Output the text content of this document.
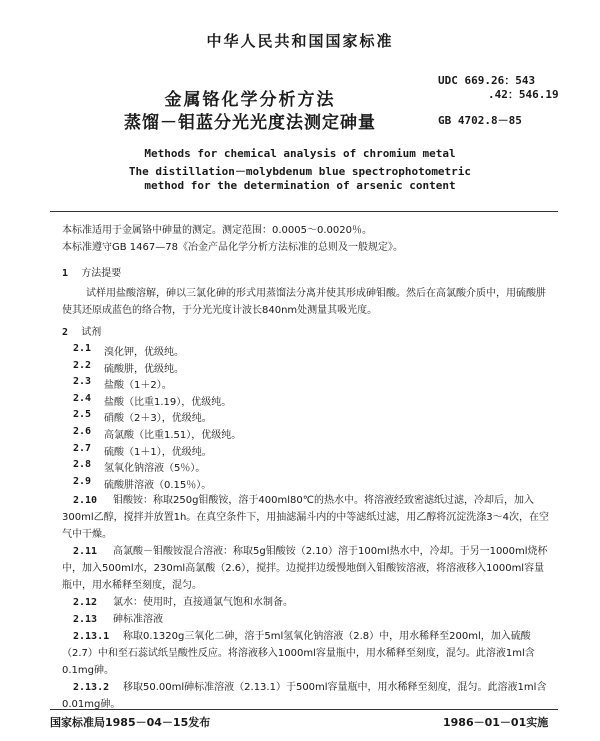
中华人民共和国国家标准
金属铬化学分析方法
蒸馏－钼蓝分光光度法测定砷量
UDC 669.26：543
.42：546.19
GB 4702.8－85
Methods for chemical analysis of chromium metal
The distillation－molybdenum blue spectrophotometric
method for the determination of arsenic content
本标准适用于金属铬中砷量的测定。测定范围：0.0005～0.0020％。
本标准遵守GB 1467—78《冶金产品化学分析方法标准的总则及一般规定》。
1 方法提要
试样用盐酸溶解，砷以三氯化砷的形式用蒸馏法分离并使其形成砷钼酸。然后在高氯酸介质中，用硫酸肼使其还原成蓝色的络合物，于分光光度计波长840nm处测量其吸光度。
2 试剂
2.1 溴化钾，优级纯。
2.2 硫酸肼，优级纯。
2.3 盐酸（1＋2）。
2.4 盐酸（比重1.19），优级纯。
2.5 硝酸（2＋3），优级纯。
2.6 高氯酸（比重1.51），优级纯。
2.7 硫酸（1＋1），优级纯。
2.8 氢氧化钠溶液（5％）。
2.9 硫酸肼溶液（0.15％）。
2.10 钼酸铵：称取250g钼酸铵，溶于400ml80℃的热水中。将溶液经致密滤纸过滤，冷却后，加入300ml乙醇，搅拌并放置1h。在真空条件下，用抽滤漏斗内的中等滤纸过滤，用乙醇将沉淀洗涤3～4次，在空气中干燥。
2.11 高氯酸－钼酸铵混合溶液：称取5g钼酸铵（2.10）溶于100ml热水中，冷却。于另一1000ml烧杯中，加入500ml水，230ml高氯酸（2.6），搅拌。边搅拌边缓慢地倒入钼酸铵溶液，将溶液移入1000ml容量瓶中，用水稀释至刻度，混匀。
2.12 氯水：使用时，直接通氯气饱和水制备。
2.13 砷标准溶液
2.13.1 称取0.1320g三氧化二砷，溶于5ml氢氧化钠溶液（2.8）中，用水稀释至200ml，加入硫酸（2.7）中和至石蕊试纸呈酸性反应。将溶液移入1000ml容量瓶中，用水稀释至刻度，混匀。此溶液1ml含0.1mg砷。
2.13.2 移取50.00ml砷标准溶液（2.13.1）于500ml容量瓶中，用水稀释至刻度，混匀。此溶液1ml含0.01mg砷。
国家标准局1985－04－15发布	1986－01－01实施
